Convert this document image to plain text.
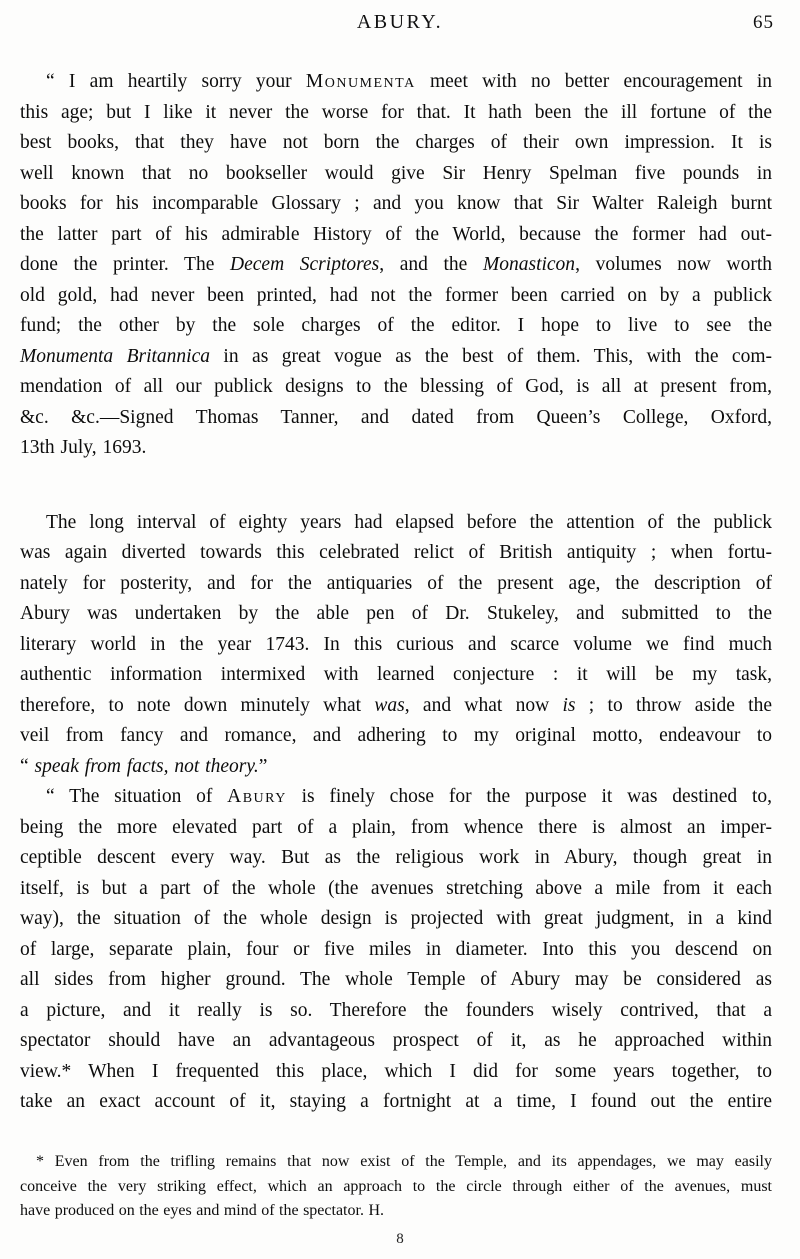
ABURY.	65
“ I am heartily sorry your Monumenta meet with no better encouragement in
this age; but I like it never the worse for that. It hath been the ill fortune of the
best books, that they have not born the charges of their own impression. It is
well known that no bookseller would give Sir Henry Spelman five pounds in
books for his incomparable Glossary ; and you know that Sir Walter Raleigh burnt
the latter part of his admirable History of the World, because the former had out-
done the printer. The Decem Scriptores, and the Monasticon, volumes now worth
old gold, had never been printed, had not the former been carried on by a publick
fund; the other by the sole charges of the editor. I hope to live to see the
Monumenta Britannica in as great vogue as the best of them. This, with the com-
mendation of all our publick designs to the blessing of God, is all at present from,
&c. &c.—Signed Thomas Tanner, and dated from Queen’s College, Oxford,
13th July, 1693.
The long interval of eighty years had elapsed before the attention of the publick
was again diverted towards this celebrated relict of British antiquity ; when fortu-
nately for posterity, and for the antiquaries of the present age, the description of
Abury was undertaken by the able pen of Dr. Stukeley, and submitted to the
literary world in the year 1743. In this curious and scarce volume we find much
authentic information intermixed with learned conjecture : it will be my task,
therefore, to note down minutely what was, and what now is ; to throw aside the
veil from fancy and romance, and adhering to my original motto, endeavour to
“ speak from facts, not theory.”
“ The situation of Abury is finely chose for the purpose it was destined to,
being the more elevated part of a plain, from whence there is almost an imper-
ceptible descent every way. But as the religious work in Abury, though great in
itself, is but a part of the whole (the avenues stretching above a mile from it each
way), the situation of the whole design is projected with great judgment, in a kind
of large, separate plain, four or five miles in diameter. Into this you descend on
all sides from higher ground. The whole Temple of Abury may be considered as
a picture, and it really is so. Therefore the founders wisely contrived, that a
spectator should have an advantageous prospect of it, as he approached within
view.* When I frequented this place, which I did for some years together, to
take an exact account of it, staying a fortnight at a time, I found out the entire
* Even from the trifling remains that now exist of the Temple, and its appendages, we may easily
conceive the very striking effect, which an approach to the circle through either of the avenues, must
have produced on the eyes and mind of the spectator. H.
8
